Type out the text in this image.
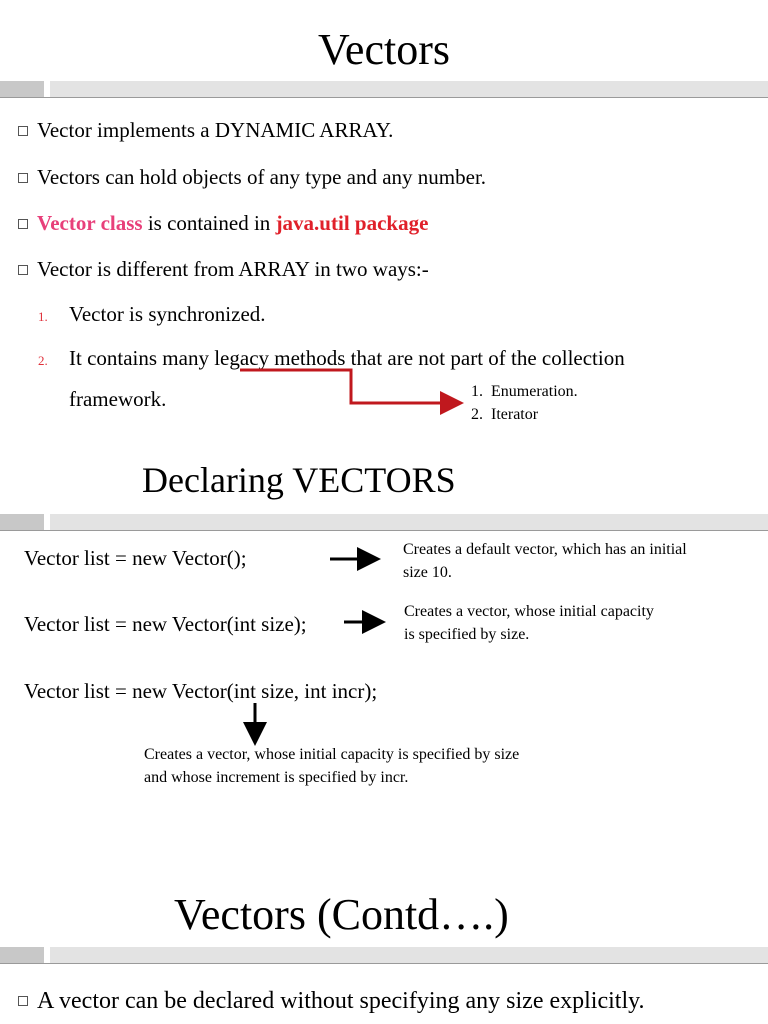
Vectors
Vector implements a DYNAMIC ARRAY.
Vectors can hold objects of any type and any number.
Vector class is contained in java.util package
Vector is different from ARRAY in two ways:-
1. Vector is synchronized.
2. It contains many legacy methods that are not part of the collection
framework.	1.  Enumeration.
2.  Iterator
Declaring VECTORS
Vector list = new Vector();	Creates a default vector, which has an initial size 10.
Vector list = new Vector(int size);
Creates a vector, whose initial capacity is specified by size.
Vector list = new Vector(int size, int incr);
Creates a vector, whose initial capacity is specified by size and whose increment is specified by incr.
Vectors (Contd….)
A vector can be declared without specifying any size explicitly.
